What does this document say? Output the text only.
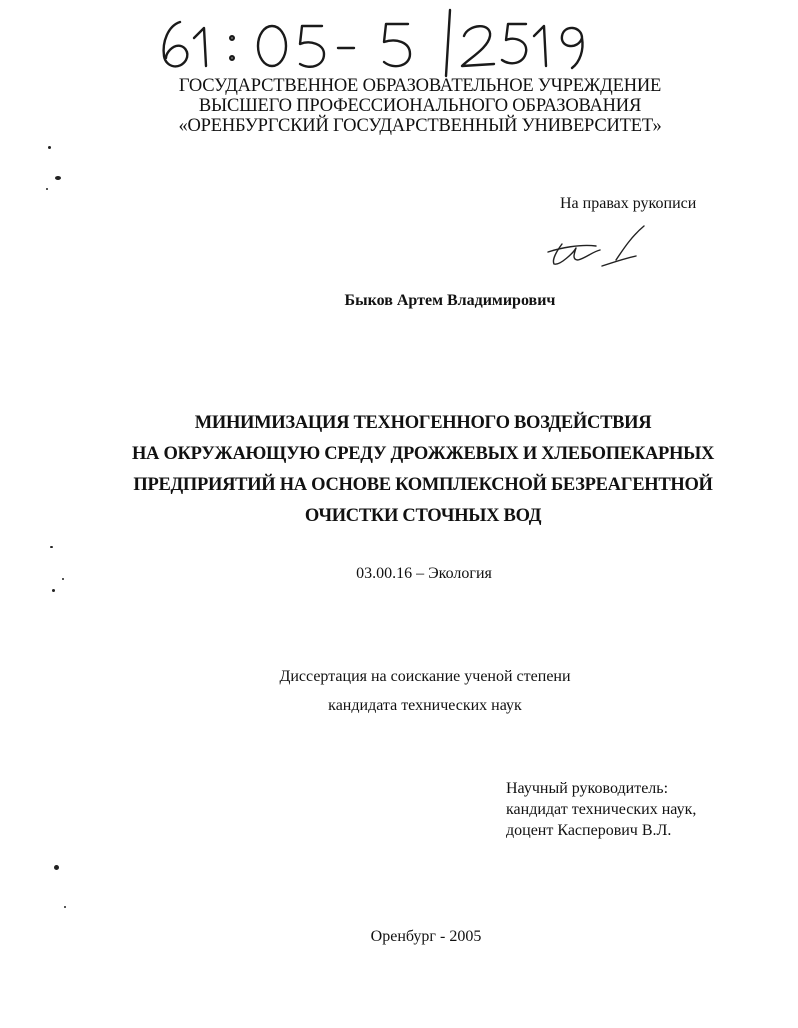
ГОСУДАРСТВЕННОЕ ОБРАЗОВАТЕЛЬНОЕ УЧРЕЖДЕНИЕ
ВЫСШЕГО ПРОФЕССИОНАЛЬНОГО ОБРАЗОВАНИЯ
«ОРЕНБУРГСКИЙ ГОСУДАРСТВЕННЫЙ УНИВЕРСИТЕТ»
На правах рукописи
Быков Артем Владимирович
МИНИМИЗАЦИЯ ТЕХНОГЕННОГО ВОЗДЕЙСТВИЯ
НА ОКРУЖАЮЩУЮ СРЕДУ ДРОЖЖЕВЫХ И ХЛЕБОПЕКАРНЫХ
ПРЕДПРИЯТИЙ НА ОСНОВЕ КОМПЛЕКСНОЙ БЕЗРЕАГЕНТНОЙ
ОЧИСТКИ СТОЧНЫХ ВОД
03.00.16 – Экология
Диссертация на соискание ученой степени
кандидата технических наук
Научный руководитель:
кандидат технических наук,
доцент Касперович В.Л.
Оренбург - 2005
